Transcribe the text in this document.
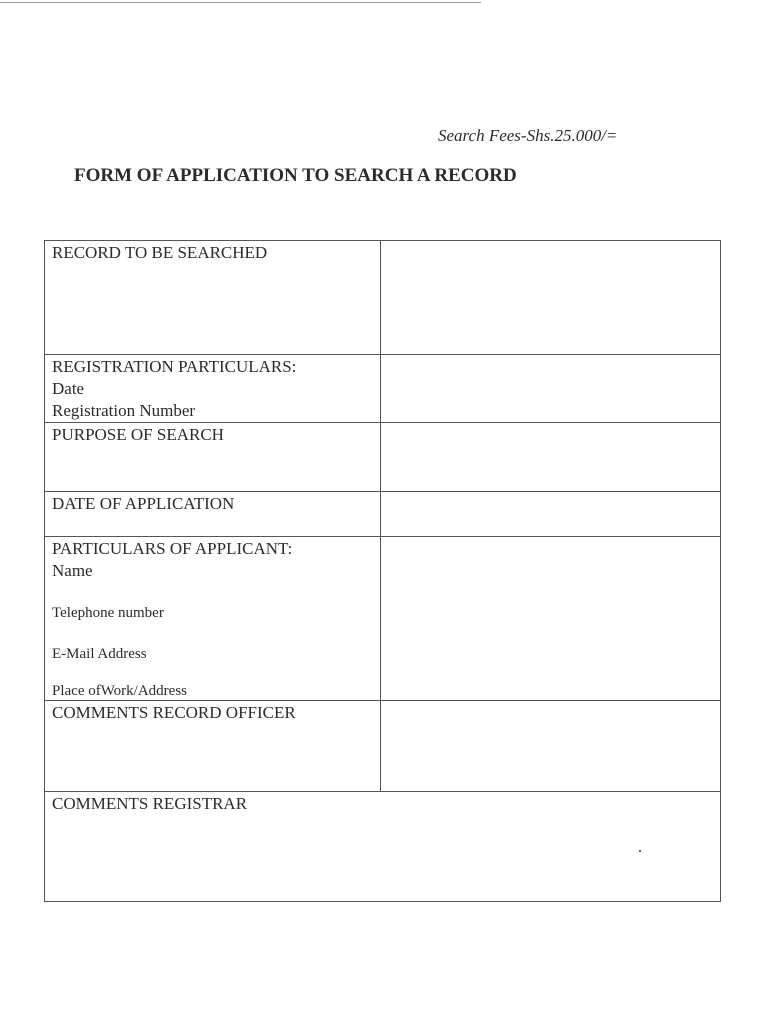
Search Fees-Shs.25.000/=
FORM OF APPLICATION TO SEARCH A RECORD
RECORD TO BE SEARCHED
REGISTRATION PARTICULARS:
Date
Registration Number
PURPOSE OF SEARCH
DATE OF APPLICATION
PARTICULARS OF APPLICANT:
Name
Telephone number
E-Mail Address
Place ofWork/Address
COMMENTS RECORD OFFICER
COMMENTS REGISTRAR
